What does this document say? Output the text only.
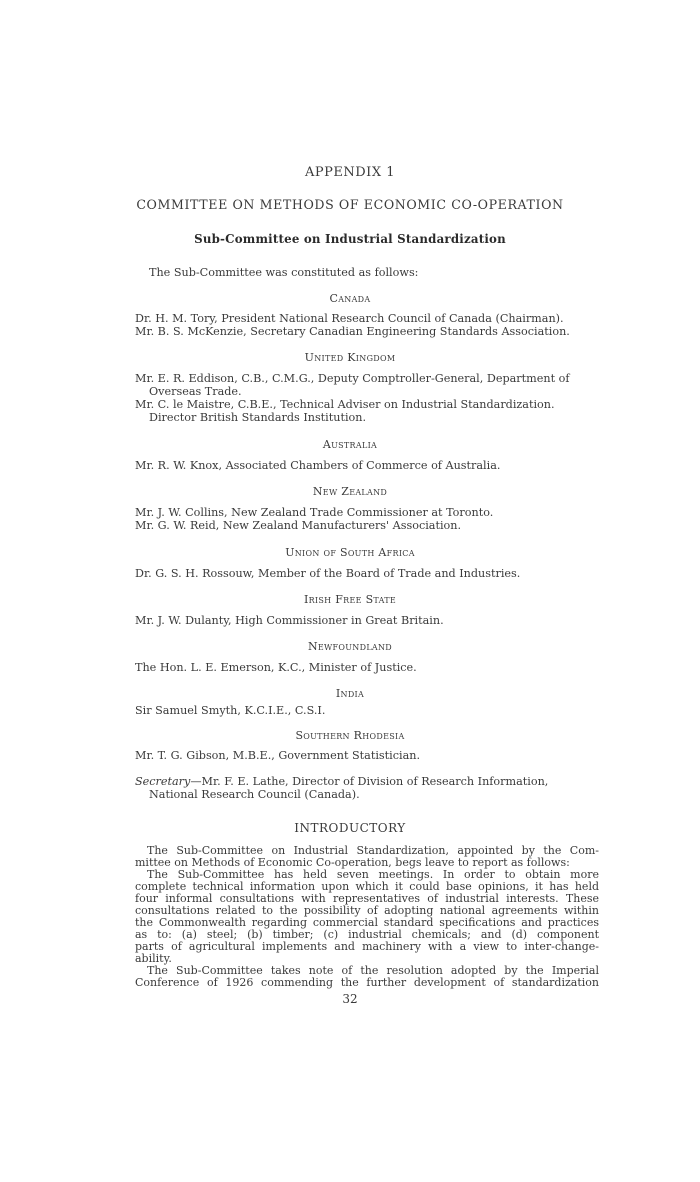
APPENDIX 1
COMMITTEE ON METHODS OF ECONOMIC CO-OPERATION
Sub-Committee on Industrial Standardization
The Sub-Committee was constituted as follows:
Canada
Dr. H. M. Tory, President National Research Council of Canada (Chairman).
Mr. B. S. McKenzie, Secretary Canadian Engineering Standards Association.
United Kingdom
Mr. E. R. Eddison, C.B., C.M.G., Deputy Comptroller-General, Department of
Overseas Trade.
Mr. C. le Maistre, C.B.E., Technical Adviser on Industrial Standardization.
Director British Standards Institution.
Australia
Mr. R. W. Knox, Associated Chambers of Commerce of Australia.
New Zealand
Mr. J. W. Collins, New Zealand Trade Commissioner at Toronto.
Mr. G. W. Reid, New Zealand Manufacturers' Association.
Union of South Africa
Dr. G. S. H. Rossouw, Member of the Board of Trade and Industries.
Irish Free State
Mr. J. W. Dulanty, High Commissioner in Great Britain.
Newfoundland
The Hon. L. E. Emerson, K.C., Minister of Justice.
India
Sir Samuel Smyth, K.C.I.E., C.S.I.
Southern Rhodesia
Mr. T. G. Gibson, M.B.E., Government Statistician.
Secretary—Mr. F. E. Lathe, Director of Division of Research Information,
National Research Council (Canada).
INTRODUCTORY
The Sub-Committee on Industrial Standardization, appointed by the Com-
mittee on Methods of Economic Co-operation, begs leave to report as follows:
The Sub-Committee has held seven meetings. In order to obtain more
complete technical information upon which it could base opinions, it has held
four informal consultations with representatives of industrial interests. These
consultations related to the possibility of adopting national agreements within
the Commonwealth regarding commercial standard specifications and practices
as to: (a) steel; (b) timber; (c) industrial chemicals; and (d) component
parts of agricultural implements and machinery with a view to inter-change-
ability.
The Sub-Committee takes note of the resolution adopted by the Imperial
Conference of 1926 commending the further development of standardization
32
